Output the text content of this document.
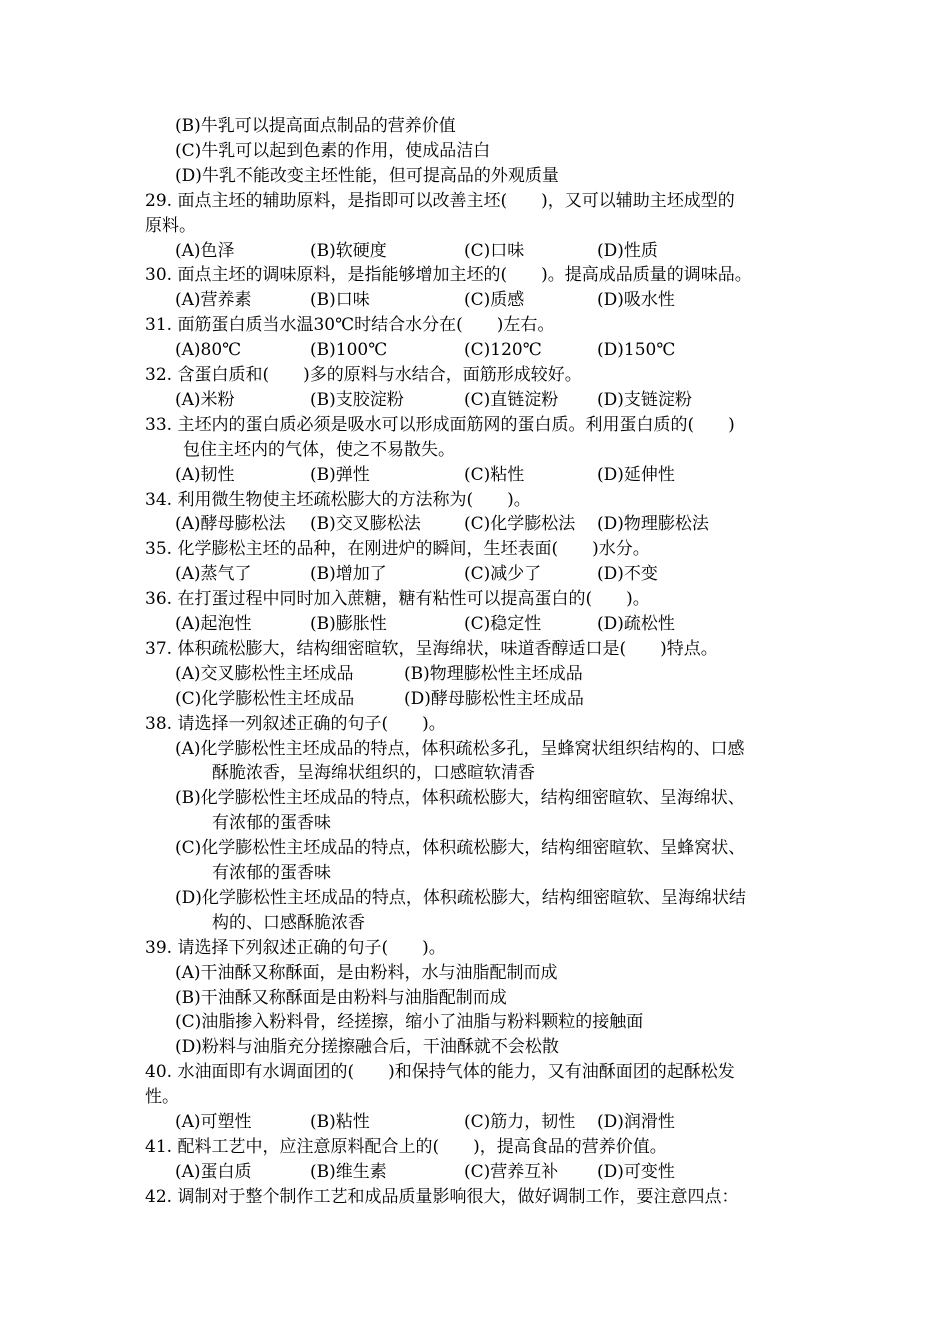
(B)牛乳可以提高面点制品的营养价值
(C)牛乳可以起到色素的作用，使成品洁白
(D)牛乳不能改变主坯性能，但可提高品的外观质量
29. 面点主坯的辅助原料，是指即可以改善主坯(　　)，又可以辅助主坯成型的
原料。
(A)色泽	(B)软硬度	(C)口味	(D)性质
30. 面点主坯的调味原料，是指能够增加主坯的(　　)。提高成品质量的调味品。
(A)营养素	(B)口味	(C)质感	(D)吸水性
31. 面筋蛋白质当水温30℃时结合水分在(　　)左右。
(A)80℃	(B)100℃	(C)120℃	(D)150℃
32. 含蛋白质和(　　)多的原料与水结合，面筋形成较好。
(A)米粉	(B)支胶淀粉	(C)直链淀粉 (D)支链淀粉
33. 主坯内的蛋白质必须是吸水可以形成面筋网的蛋白质。利用蛋白质的(　　)
包住主坯内的气体，使之不易散失。
(A)韧性	(B)弹性	(C)粘性	(D)延伸性
34. 利用微生物使主坯疏松膨大的方法称为(　　)。
(A)酵母膨松法 (B)交叉膨松法	(C)化学膨松法 (D)物理膨松法
35. 化学膨松主坯的品种，在刚进炉的瞬间，生坯表面(　　)水分。
(A)蒸气了	(B)增加了	(C)减少了	(D)不变
36. 在打蛋过程中同时加入蔗糖，糖有粘性可以提高蛋白的(　　)。
(A)起泡性	(B)膨胀性	(C)稳定性	(D)疏松性
37. 体积疏松膨大，结构细密暄软，呈海绵状，味道香醇适口是(　　)特点。
(A)交叉膨松性主坯成品	(B)物理膨松性主坯成品
(C)化学膨松性主坯成品	(D)酵母膨松性主坯成品
38. 请选择一列叙述正确的句子(　　)。
(A)化学膨松性主坯成品的特点，体积疏松多孔，呈蜂窝状组织结构的、口感
酥脆浓香，呈海绵状组织的，口感暄软清香
(B)化学膨松性主坯成品的特点，体积疏松膨大，结构细密暄软、呈海绵状、
有浓郁的蛋香味
(C)化学膨松性主坯成品的特点，体积疏松膨大，结构细密暄软、呈蜂窝状、
有浓郁的蛋香味
(D)化学膨松性主坯成品的特点，体积疏松膨大，结构细密暄软、呈海绵状结
构的、口感酥脆浓香
39. 请选择下列叙述正确的句子(　　)。
(A)干油酥又称酥面，是由粉料，水与油脂配制而成
(B)干油酥又称酥面是由粉料与油脂配制而成
(C)油脂掺入粉料骨，经搓擦，缩小了油脂与粉料颗粒的接触面
(D)粉料与油脂充分搓擦融合后，干油酥就不会松散
40. 水油面即有水调面团的(　　)和保持气体的能力，又有油酥面团的起酥松发
性。
(A)可塑性	(B)粘性	(C)筋力，韧性 (D)润滑性
41. 配料工艺中，应注意原料配合上的(　　)，提高食品的营养价值。
(A)蛋白质	(B)维生素	(C)营养互补 (D)可变性
42. 调制对于整个制作工艺和成品质量影响很大，做好调制工作，要注意四点：
